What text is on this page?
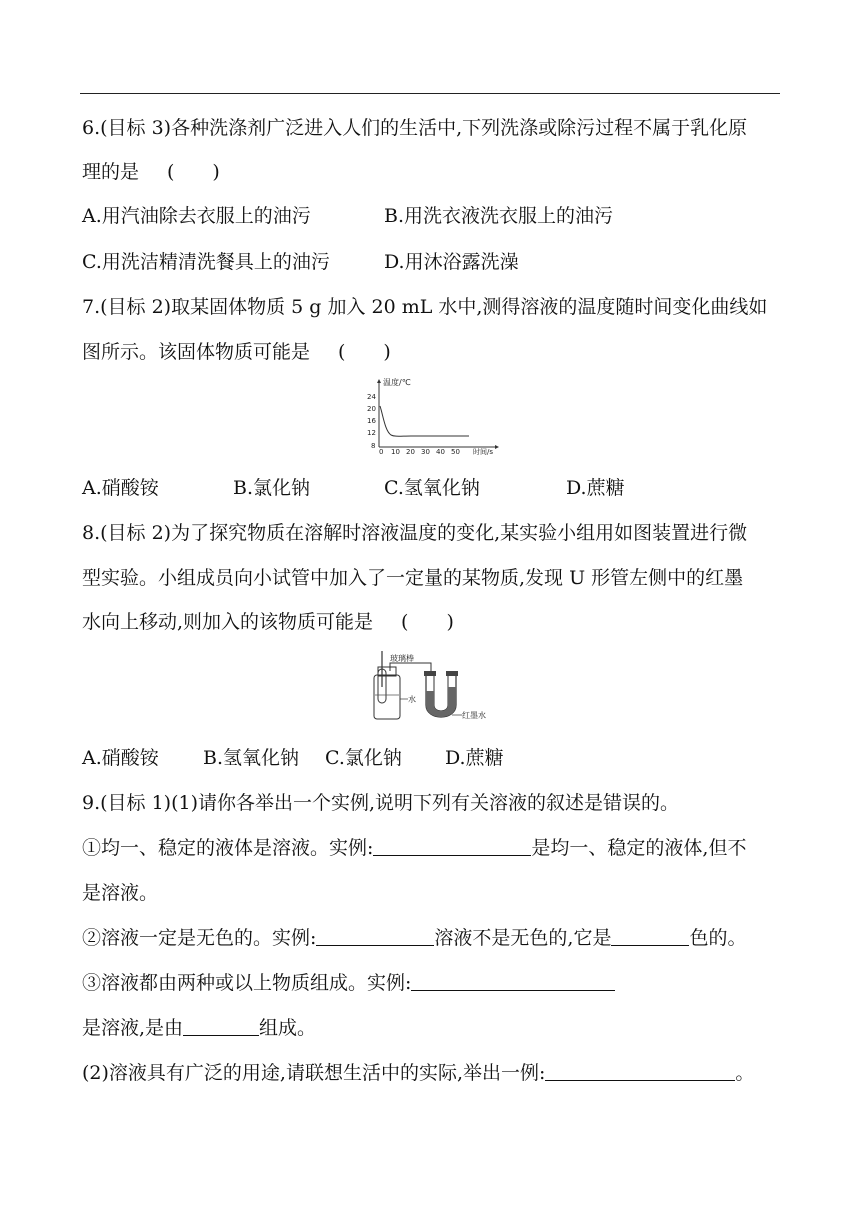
6.(目标 3)各种洗涤剂广泛进入人们的生活中,下列洗涤或除污过程不属于乳化原
理的是 (　　)
A.用汽油除去衣服上的油污	B.用洗衣液洗衣服上的油污
C.用洗洁精清洗餐具上的油污	D.用沐浴露洗澡
7.(目标 2)取某固体物质 5 g 加入 20 mL 水中,测得溶液的温度随时间变化曲线如
图所示。该固体物质可能是 (　　)
温度/℃
时间/s
24
20
16
12
8
0 10 20 30 40 50
A.硝酸铵	B.氯化钠	C.氢氧化钠	D.蔗糖
8.(目标 2)为了探究物质在溶解时溶液温度的变化,某实验小组用如图装置进行微
型实验。小组成员向小试管中加入了一定量的某物质,发现 U 形管左侧中的红墨
水向上移动,则加入的该物质可能是 (　　)
玻璃棒
水
红墨水
A.硝酸铵 B.氢氧化钠 C.氯化钠 D.蔗糖
9.(目标 1)(1)请你各举出一个实例,说明下列有关溶液的叙述是错误的。
①均一、稳定的液体是溶液。实例:	是均一、稳定的液体,但不
是溶液。
②溶液一定是无色的。实例:	溶液不是无色的,它是	色的。
③溶液都由两种或以上物质组成。实例:
是溶液,是由	组成。
(2)溶液具有广泛的用途,请联想生活中的实际,举出一例:	。
